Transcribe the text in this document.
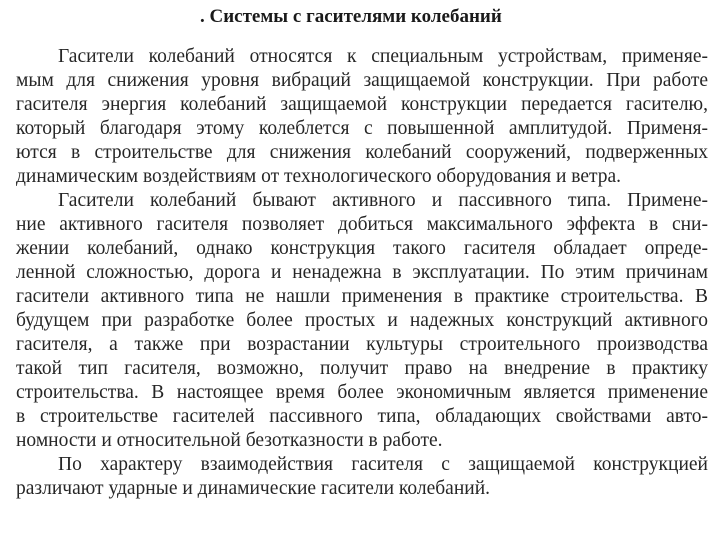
. Системы с гасителями колебаний

Гасители колебаний относятся к специальным устройствам, применяе-

мым для снижения уровня вибраций защищаемой конструкции. При работе

гасителя энергия колебаний защищаемой конструкции передается гасителю,

который благодаря этому колеблется с повышенной амплитудой. Применя-

ются в строительстве для снижения колебаний сооружений, подверженных

динамическим воздействиям от технологического оборудования и ветра.

Гасители колебаний бывают активного и пассивного типа. Примене-

ние активного гасителя позволяет добиться максимального эффекта в сни-

жении колебаний, однако конструкция такого гасителя обладает опреде-

ленной сложностью, дорога и ненадежна в эксплуатации. По этим причинам

гасители активного типа не нашли применения в практике строительства. В

будущем при разработке более простых и надежных конструкций активного

гасителя, а также при возрастании культуры строительного производства

такой тип гасителя, возможно, получит право на внедрение в практику

строительства. В настоящее время более экономичным является применение

в строительстве гасителей пассивного типа, обладающих свойствами авто-

номности и относительной безотказности в работе.

По характеру взаимодействия гасителя с защищаемой конструкцией

различают ударные и динамические гасители колебаний.
